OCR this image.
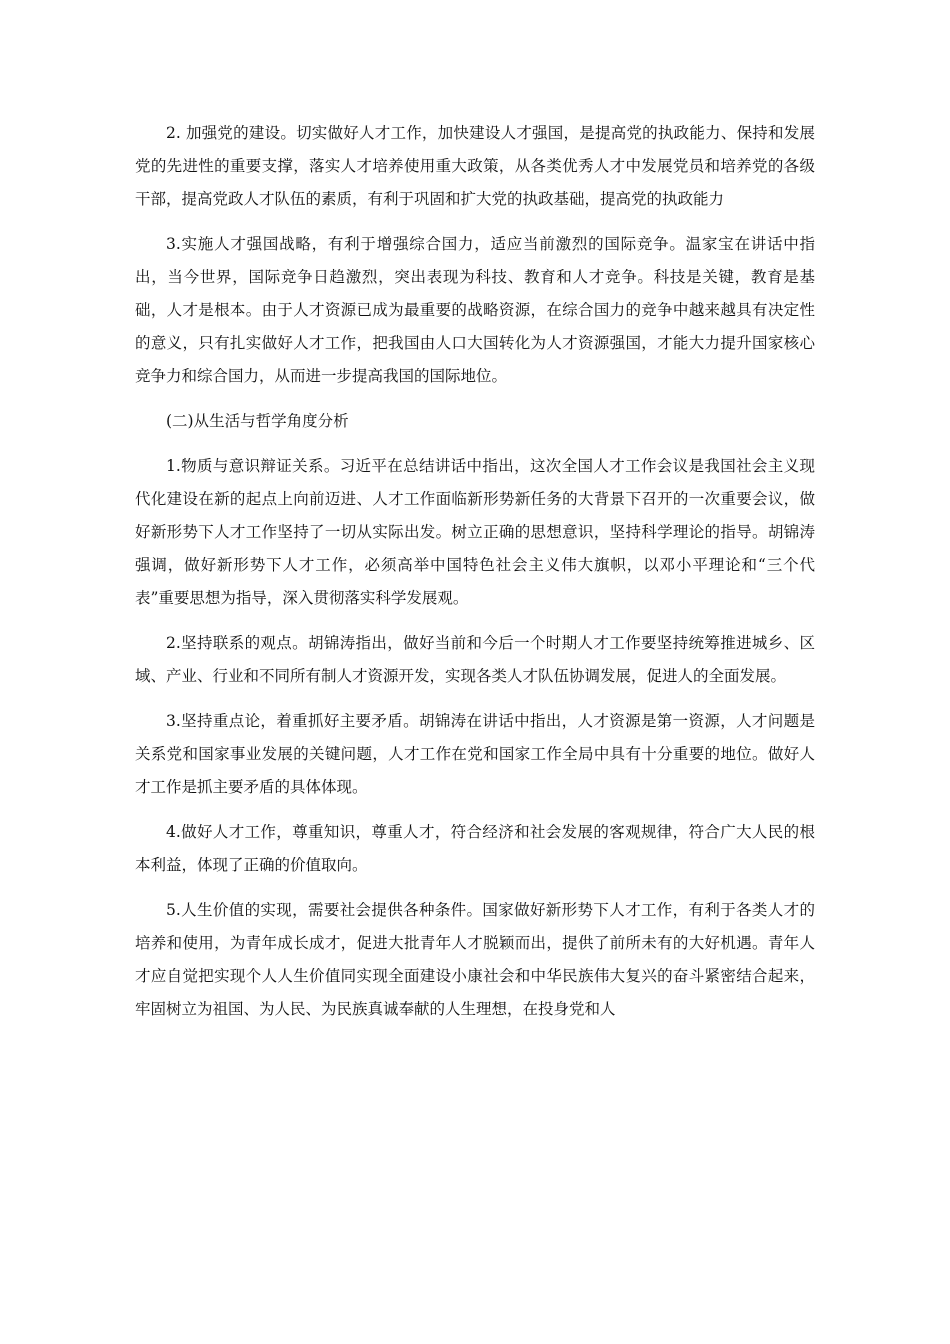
2. 加强党的建设。切实做好人才工作，加快建设人才强国，是提高党的执政能力、保持和发展党的先进性的重要支撑，落实人才培养使用重大政策，从各类优秀人才中发展党员和培养党的各级干部，提高党政人才队伍的素质，有利于巩固和扩大党的执政基础，提高党的执政能力

3.实施人才强国战略，有利于增强综合国力，适应当前激烈的国际竞争。温家宝在讲话中指出，当今世界，国际竞争日趋激烈，突出表现为科技、教育和人才竞争。科技是关键，教育是基础，人才是根本。由于人才资源已成为最重要的战略资源，在综合国力的竞争中越来越具有决定性的意义，只有扎实做好人才工作，把我国由人口大国转化为人才资源强国，才能大力提升国家核心竞争力和综合国力，从而进一步提高我国的国际地位。

(二)从生活与哲学角度分析

1.物质与意识辩证关系。习近平在总结讲话中指出，这次全国人才工作会议是我国社会主义现代化建设在新的起点上向前迈进、人才工作面临新形势新任务的大背景下召开的一次重要会议，做好新形势下人才工作坚持了一切从实际出发。树立正确的思想意识，坚持科学理论的指导。胡锦涛强调，做好新形势下人才工作，必须高举中国特色社会主义伟大旗帜，以邓小平理论和“三个代表”重要思想为指导，深入贯彻落实科学发展观。

2.坚持联系的观点。胡锦涛指出，做好当前和今后一个时期人才工作要坚持统筹推进城乡、区域、产业、行业和不同所有制人才资源开发，实现各类人才队伍协调发展，促进人的全面发展。

3.坚持重点论，着重抓好主要矛盾。胡锦涛在讲话中指出，人才资源是第一资源，人才问题是关系党和国家事业发展的关键问题，人才工作在党和国家工作全局中具有十分重要的地位。做好人才工作是抓主要矛盾的具体体现。

4.做好人才工作，尊重知识，尊重人才，符合经济和社会发展的客观规律，符合广大人民的根本利益，体现了正确的价值取向。

5.人生价值的实现，需要社会提供各种条件。国家做好新形势下人才工作，有利于各类人才的培养和使用，为青年成长成才，促进大批青年人才脱颖而出，提供了前所未有的大好机遇。青年人才应自觉把实现个人人生价值同实现全面建设小康社会和中华民族伟大复兴的奋斗紧密结合起来，牢固树立为祖国、为人民、为民族真诚奉献的人生理想，在投身党和人
